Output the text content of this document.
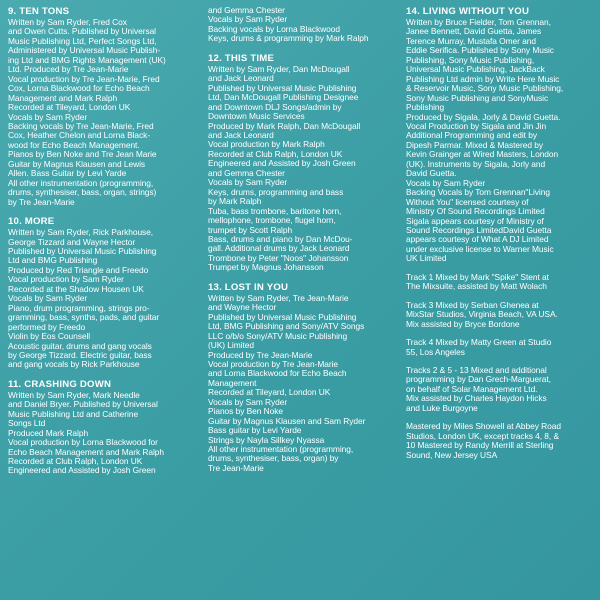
9. TEN TONS
Written by Sam Ryder, Fred Cox
and Owen Cutts. Published by Universal
Music Publishing Ltd, Perfect Songs Ltd,
Administered by Universal Music Publish-
ing Ltd and BMG Rights Management (UK)
Ltd. Produced by Tre Jean-Marie
Vocal production by Tre Jean-Marie, Fred
Cox, Lorna Blackwood for Echo Beach
Management and Mark Ralph
Recorded at Tileyard, London UK
Vocals by Sam Ryder
Backing vocals by Tre Jean-Marie, Fred
Cox, Heather Chelon and Lorna Black-
wood for Echo Beach Management.
Pianos by Ben Noke and Tre Jean Marie
Guitar by Magnus Klausen and Lewis
Allen. Bass Guitar by Levi Yarde
All other instrumentation (programming,
drums, synthesiser, bass, organ, strings)
by Tre Jean-Marie
10. MORE
Written by Sam Ryder, Rick Parkhouse,
George Tizzard and Wayne Hector
Published by Universal Music Publishing
Ltd and BMG Publishing
Produced by Red Triangle and Freedo
Vocal production by Sam Ryder
Recorded at the Shadow Housen UK
Vocals by Sam Ryder
Piano, drum programming, strings pro-
gramming, bass, synths, pads, and guitar
performed by Freedo
Violin by Eos Counsell
Acoustic guitar, drums and gang vocals
by George Tizzard. Electric guitar, bass
and gang vocals by Rick Parkhouse
11. CRASHING DOWN
Written by Sam Ryder, Mark Needle
and Daniel Bryer. Published by Universal
Music Publishing Ltd and Catherine
Songs Ltd
Produced Mark Ralph
Vocal production by Lorna Blackwood for
Echo Beach Management and Mark Ralph
Recorded at Club Ralph, London UK
Engineered and Assisted by Josh Green
and Gemma Chester
Vocals by Sam Ryder
Backing vocals by Lorna Blackwood
Keys, drums & programming by Mark Ralph
12. THIS TIME
Written by Sam Ryder, Dan McDougall
and Jack Leonard
Published by Universal Music Publishing
Ltd, Dan McDougall Publishing Designee
and Downtown DLJ Songs/admin by
Downtown Music Services
Produced by Mark Ralph, Dan McDougall
and Jack Leonard
Vocal production by Mark Ralph
Recorded at Club Ralph, London UK
Engineered and Assisted by Josh Green
and Gemma Chester
Vocals by Sam Ryder
Keys, drums, programming and bass
by Mark Ralph
Tuba, bass trombone, baritone horn,
mellophone, trombone, flugel horn,
trumpet by Scott Ralph
Bass, drums and piano by Dan McDou-
gall. Additional drums by Jack Leonard
Trombone by Peter "Noos" Johansson
Trumpet by Magnus Johansson
13. LOST IN YOU
Written by Sam Ryder, Tre Jean-Marie
and Wayne Hector
Published by Universal Music Publishing
Ltd, BMG Publishing and Sony/ATV Songs
LLC o/b/o Sony/ATV Music Publishing
(UK) Limited
Produced by Tre Jean-Marie
Vocal production by Tre Jean-Marie
and Lorna Blackwood for Echo Beach
Management
Recorded at Tileyard, London UK
Vocals by Sam Ryder
Pianos by Ben Noke
Guitar by Magnus Klausen and Sam Ryder
Bass guitar by Levi Yarde
Strings by Nayla Sillkey Nyassa
All other instrumentation (programming,
drums, synthesiser, bass, organ) by
Tre Jean-Marie
14. LIVING WITHOUT YOU
Written by Bruce Fielder, Tom Grennan,
Janee Bennett, David Guetta, James
Terence Murray, Mustafa Omer and
Eddie Serifica. Published by Sony Music
Publishing, Sony Music Publishing,
Universal Music Publishing, JackBack
Publishing Ltd admin by Write Here Music
& Reservoir Music, Sony Music Publishing,
Sony Music Publishing and SonyMusic
Publishing
Produced by Sigala, Jorly & David Guetta.
Vocal Production by Sigala and Jin Jin
Additional Programming and edit by
Dipesh Parmar. Mixed & Mastered by
Kevin Grainger at Wired Masters, London
(UK). Instruments by Sigala, Jorly and
David Guetta.
Vocals by Sam Ryder
Backing Vocals by Tom Grennan"Living
Without You" licensed courtesy of
Ministry Of Sound Recordings Limited
Sigala appears courtesy of Ministry of
Sound Recordings LimitedDavid Guetta
appears courtesy of What A DJ Limited
under exclusive license to Warner Music
UK Limited
Track 1 Mixed by Mark "Spike" Stent at
The Mixsuite, assisted by Matt Wolach
Track 3 Mixed by Serban Ghenea at
MixStar Studios, Virginia Beach, VA USA.
Mix assisted by Bryce Bordone
Track 4 Mixed by Matty Green at Studio
55, Los Angeles
Tracks 2 & 5 - 13 Mixed and additional
programming by Dan Grech-Marguerat,
on behalf of Solar Management Ltd.
Mix assisted by Charles Haydon Hicks
and Luke Burgoyne
Mastered by Miles Showell at Abbey Road
Studios, London UK, except tracks 4, 8, &
10 Mastered by Randy Merrill at Sterling
Sound, New Jersey USA
